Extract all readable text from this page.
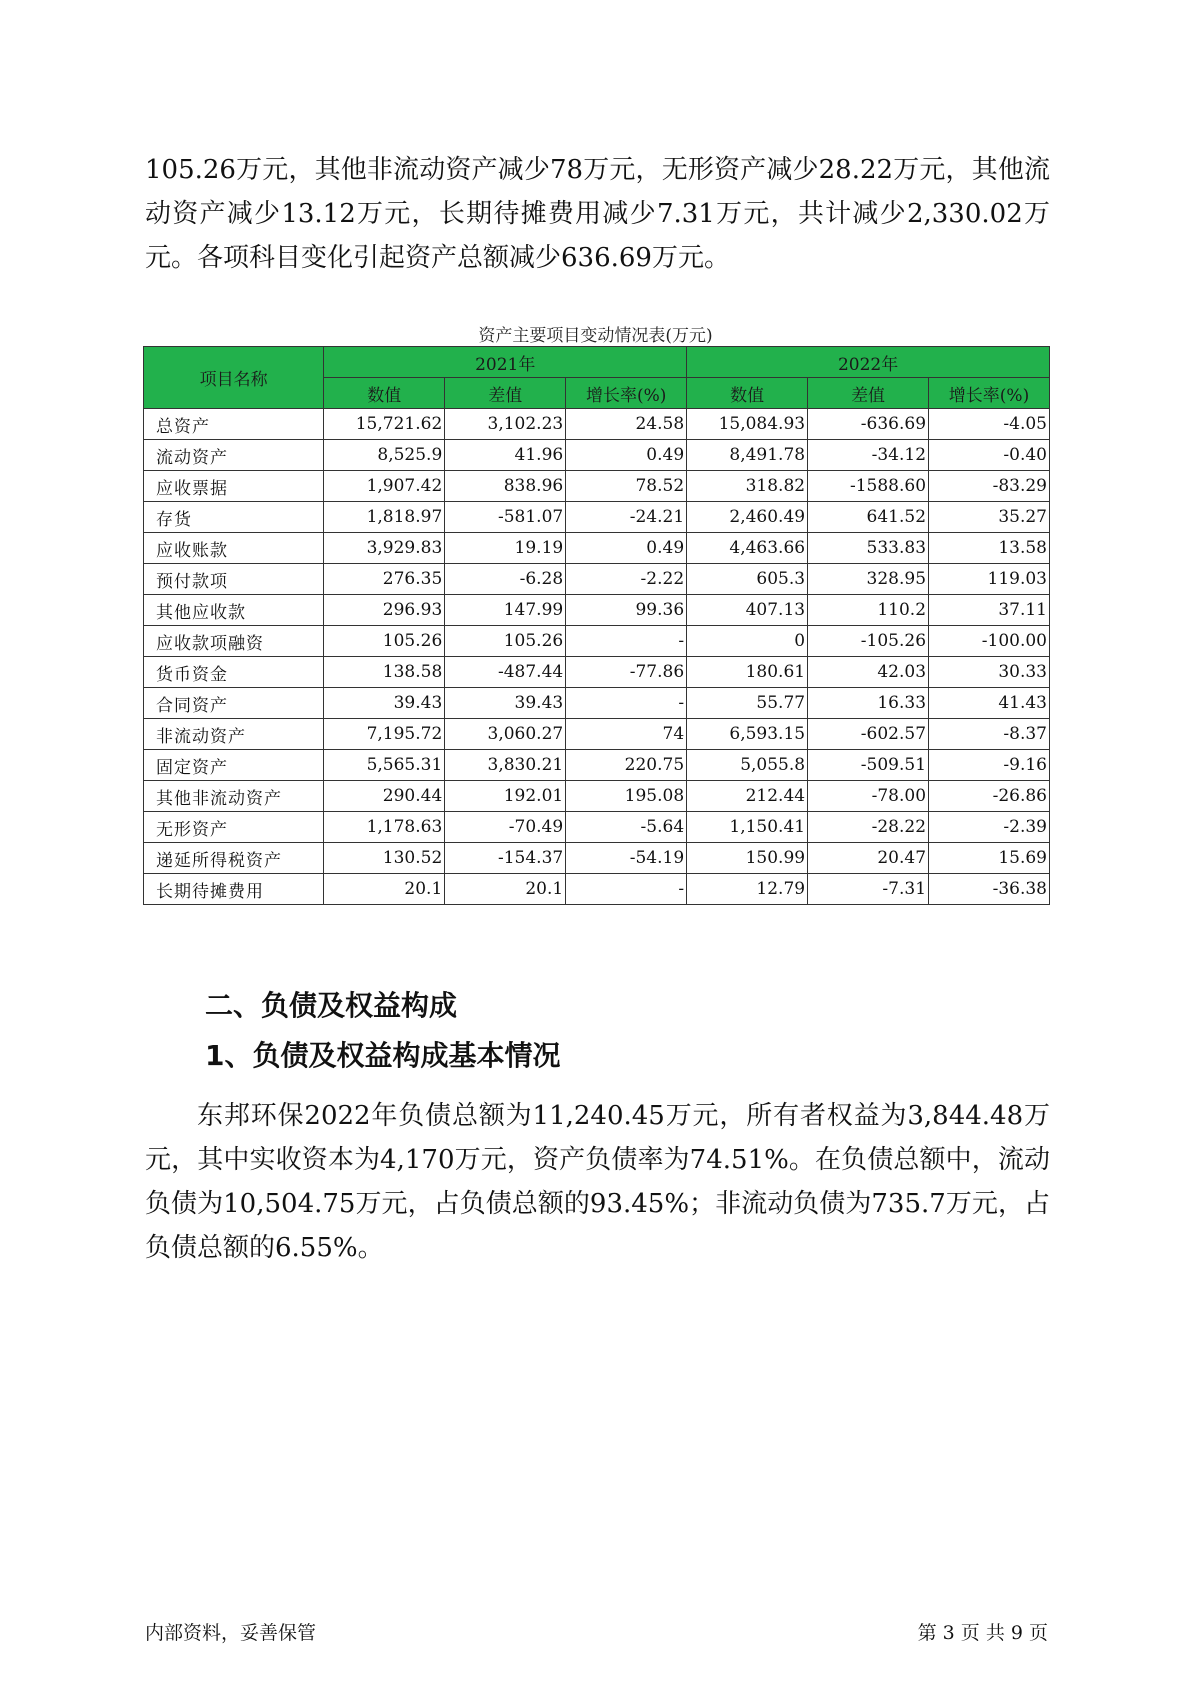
105.26万元，其他非流动资产减少78万元，无形资产减少28.22万元，其他流动资产减少13.12万元，长期待摊费用减少7.31万元，共计减少2,330.02万元。各项科目变化引起资产总额减少636.69万元。

资产主要项目变动情况表(万元)
项目名称	2021年			2022年		
	数值	差值	增长率(%)	数值	差值	增长率(%)
总资产	15,721.62	3,102.23	24.58	15,084.93	-636.69	-4.05
流动资产	8,525.9	41.96	0.49	8,491.78	-34.12	-0.40
应收票据	1,907.42	838.96	78.52	318.82	-1588.60	-83.29
存货	1,818.97	-581.07	-24.21	2,460.49	641.52	35.27
应收账款	3,929.83	19.19	0.49	4,463.66	533.83	13.58
预付款项	276.35	-6.28	-2.22	605.3	328.95	119.03
其他应收款	296.93	147.99	99.36	407.13	110.2	37.11
应收款项融资	105.26	105.26	-	0	-105.26	-100.00
货币资金	138.58	-487.44	-77.86	180.61	42.03	30.33
合同资产	39.43	39.43	-	55.77	16.33	41.43
非流动资产	7,195.72	3,060.27	74	6,593.15	-602.57	-8.37
固定资产	5,565.31	3,830.21	220.75	5,055.8	-509.51	-9.16
其他非流动资产	290.44	192.01	195.08	212.44	-78.00	-26.86
无形资产	1,178.63	-70.49	-5.64	1,150.41	-28.22	-2.39
递延所得税资产	130.52	-154.37	-54.19	150.99	20.47	15.69
长期待摊费用	20.1	20.1	-	12.79	-7.31	-36.38
二、负债及权益构成
1、负债及权益构成基本情况

东邦环保2022年负债总额为11,240.45万元，所有者权益为3,844.48万元，其中实收资本为4,170万元，资产负债率为74.51%。在负债总额中，流动负债为10,504.75万元，占负债总额的93.45%；非流动负债为735.7万元，占负债总额的6.55%。

内部资料，妥善保管	第 3 页 共 9 页
